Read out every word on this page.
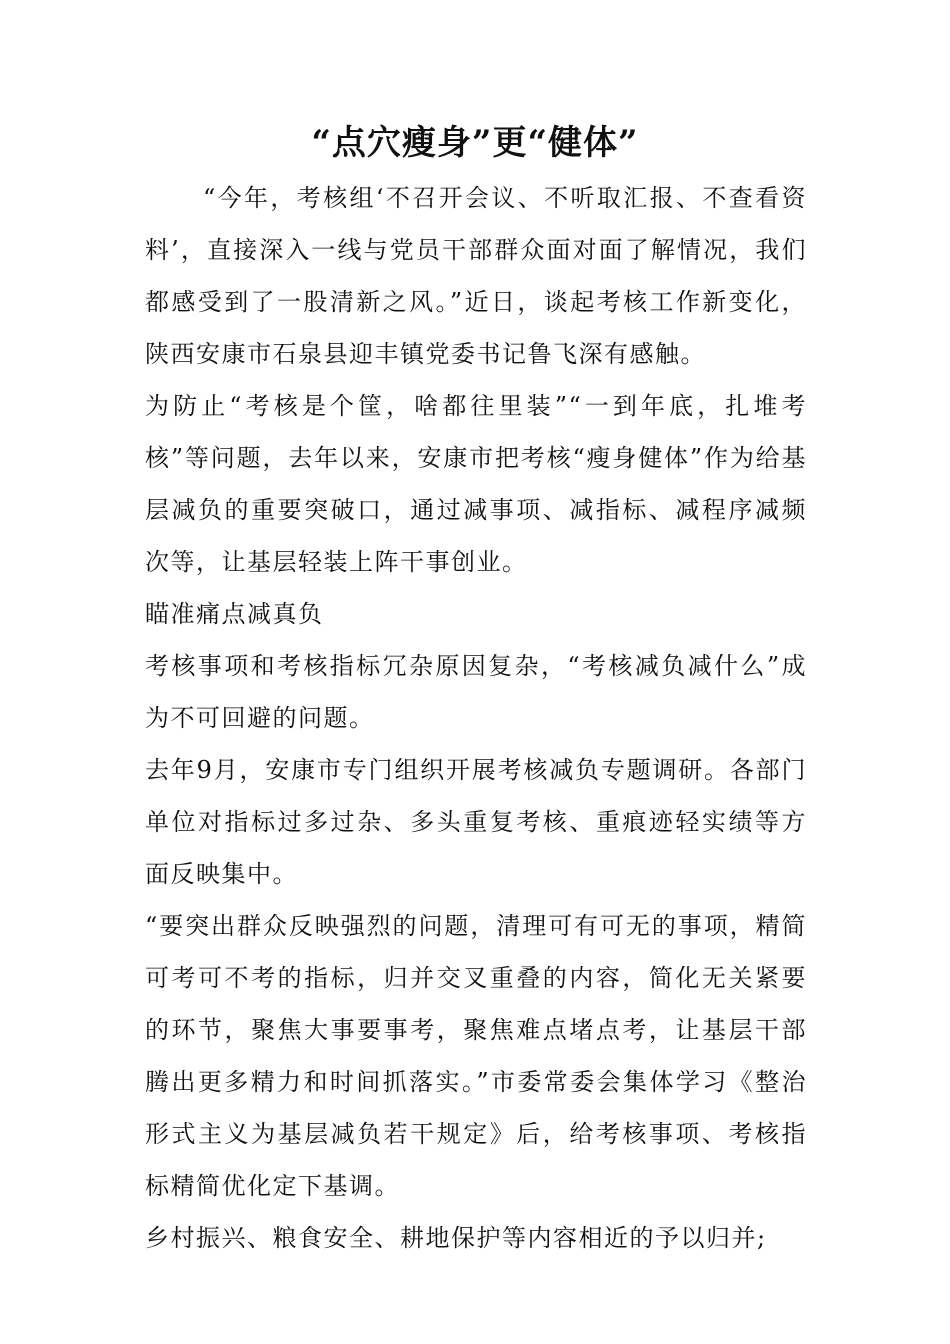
“点穴瘦身”更“健体”

“今年，考核组‘不召开会议、不听取汇报、不查看资料’，直接深入一线与党员干部群众面对面了解情况，我们都感受到了一股清新之风。”近日，谈起考核工作新变化，陕西安康市石泉县迎丰镇党委书记鲁飞深有感触。

为防止“考核是个筐，啥都往里装”“一到年底，扎堆考核”等问题，去年以来，安康市把考核“瘦身健体”作为给基层减负的重要突破口，通过减事项、减指标、减程序减频次等，让基层轻装上阵干事创业。

瞄准痛点减真负

考核事项和考核指标冗杂原因复杂，“考核减负减什么”成为不可回避的问题。

去年9月，安康市专门组织开展考核减负专题调研。各部门单位对指标过多过杂、多头重复考核、重痕迹轻实绩等方面反映集中。

“要突出群众反映强烈的问题，清理可有可无的事项，精简可考可不考的指标，归并交叉重叠的内容，简化无关紧要的环节，聚焦大事要事考，聚焦难点堵点考，让基层干部腾出更多精力和时间抓落实。”市委常委会集体学习《整治形式主义为基层减负若干规定》后，给考核事项、考核指标精简优化定下基调。

乡村振兴、粮食安全、耕地保护等内容相近的予以归并;
